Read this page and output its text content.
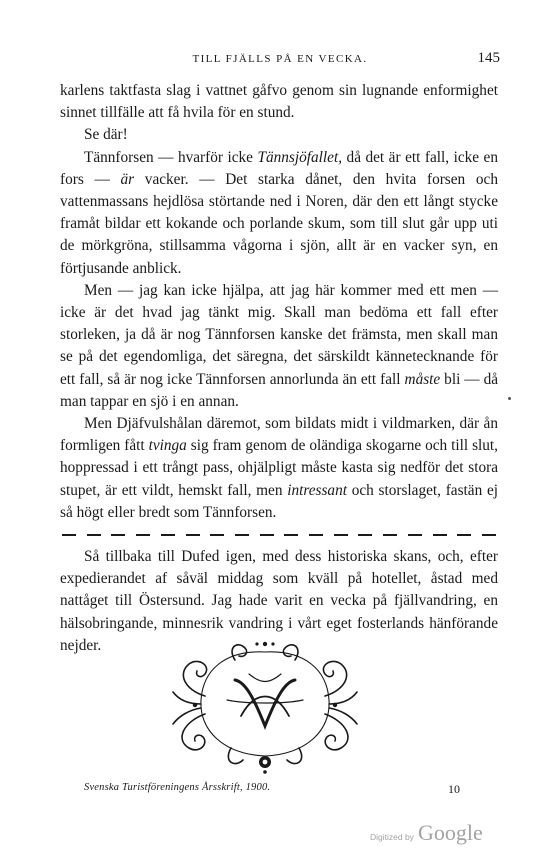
TILL FJÄLLS PÅ EN VECKA.	145

karlens taktfasta slag i vattnet gåfvo genom sin lugnande enformighet sinnet tillfälle att få hvila för en stund.

Se där!

Tännforsen — hvarför icke Tännsjöfallet, då det är ett fall, icke en fors — är vacker. — Det starka dånet, den hvita forsen och vattenmassans hejdlösa störtande ned i Noren, där den ett långt stycke framåt bildar ett kokande och porlande skum, som till slut går upp uti de mörkgröna, stillsamma vågorna i sjön, allt är en vacker syn, en förtjusande anblick.

Men — jag kan icke hjälpa, att jag här kommer med ett men — icke är det hvad jag tänkt mig. Skall man bedöma ett fall efter storleken, ja då är nog Tännforsen kanske det främsta, men skall man se på det egendomliga, det säregna, det särskildt kännetecknande för ett fall, så är nog icke Tännforsen annorlunda än ett fall måste bli — då man tappar en sjö i en annan.

Men Djäfvulshålan däremot, som bildats midt i vildmarken, där ån formligen fått tvinga sig fram genom de oländiga skogarne och till slut, hoppressad i ett trångt pass, ohjälpligt måste kasta sig nedför det stora stupet, är ett vildt, hemskt fall, men intressant och storslaget, fastän ej så högt eller bredt som Tännforsen.

Så tillbaka till Dufed igen, med dess historiska skans, och, efter expedierandet af såväl middag som kväll på hotellet, åstad med nattåget till Östersund. Jag hade varit en vecka på fjällvandring, en hälsobringande, minnesrik vandring i vårt eget fosterlands hänförande nejder.

Svenska Turistföreningens Årsskrift, 1900.	10
Digitized by Google
